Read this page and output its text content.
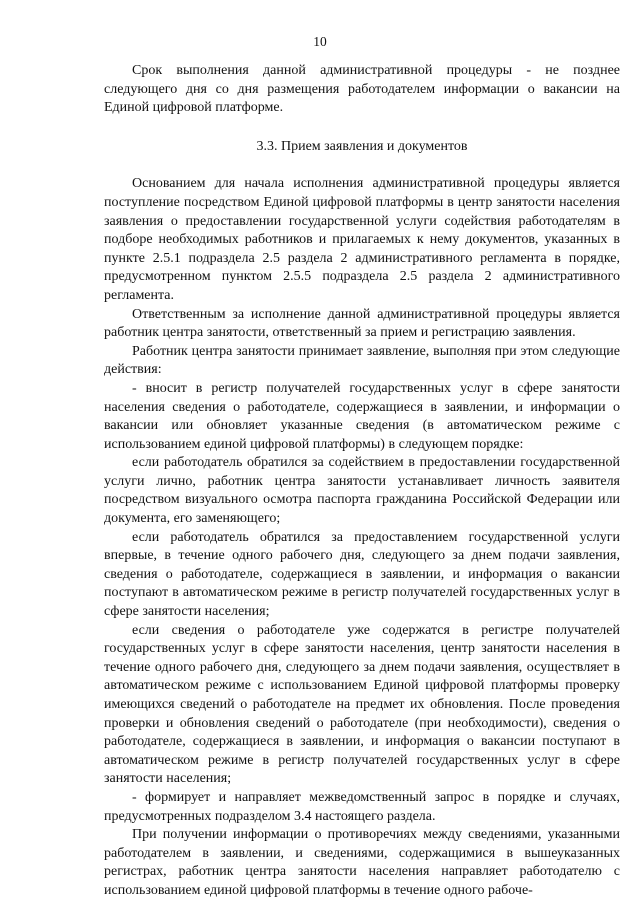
10

Срок выполнения данной административной процедуры - не позднее следующего дня со дня размещения работодателем информации о вакансии на Единой цифровой платформе.

3.3. Прием заявления и документов

Основанием для начала исполнения административной процедуры является поступление посредством Единой цифровой платформы в центр занятости населения заявления о предоставлении государственной услуги содействия работодателям в подборе необходимых работников и прилагаемых к нему документов, указанных в пункте 2.5.1 подраздела 2.5 раздела 2 административного регламента в порядке, предусмотренном пунктом 2.5.5 подраздела 2.5 раздела 2 административного регламента.

Ответственным за исполнение данной административной процедуры является работник центра занятости, ответственный за прием и регистрацию заявления.

Работник центра занятости принимает заявление, выполняя при этом следующие действия:

- вносит в регистр получателей государственных услуг в сфере занятости населения сведения о работодателе, содержащиеся в заявлении, и информации о вакансии или обновляет указанные сведения (в автоматическом режиме с использованием единой цифровой платформы) в следующем порядке:

если работодатель обратился за содействием в предоставлении государственной услуги лично, работник центра занятости устанавливает личность заявителя посредством визуального осмотра паспорта гражданина Российской Федерации или документа, его заменяющего;

если работодатель обратился за предоставлением государственной услуги впервые, в течение одного рабочего дня, следующего за днем подачи заявления, сведения о работодателе, содержащиеся в заявлении, и информация о вакансии поступают в автоматическом режиме в регистр получателей государственных услуг в сфере занятости населения;

если сведения о работодателе уже содержатся в регистре получателей государственных услуг в сфере занятости населения, центр занятости населения в течение одного рабочего дня, следующего за днем подачи заявления, осуществляет в автоматическом режиме с использованием Единой цифровой платформы проверку имеющихся сведений о работодателе на предмет их обновления. После проведения проверки и обновления сведений о работодателе (при необходимости), сведения о работодателе, содержащиеся в заявлении, и информация о вакансии поступают в автоматическом режиме в регистр получателей государственных услуг в сфере занятости населения;

- формирует и направляет межведомственный запрос в порядке и случаях, предусмотренных подразделом 3.4 настоящего раздела.

При получении информации о противоречиях между сведениями, указанными работодателем в заявлении, и сведениями, содержащимися в вышеуказанных регистрах, работник центра занятости населения направляет работодателю с использованием единой цифровой платформы в течение одного рабоче-
